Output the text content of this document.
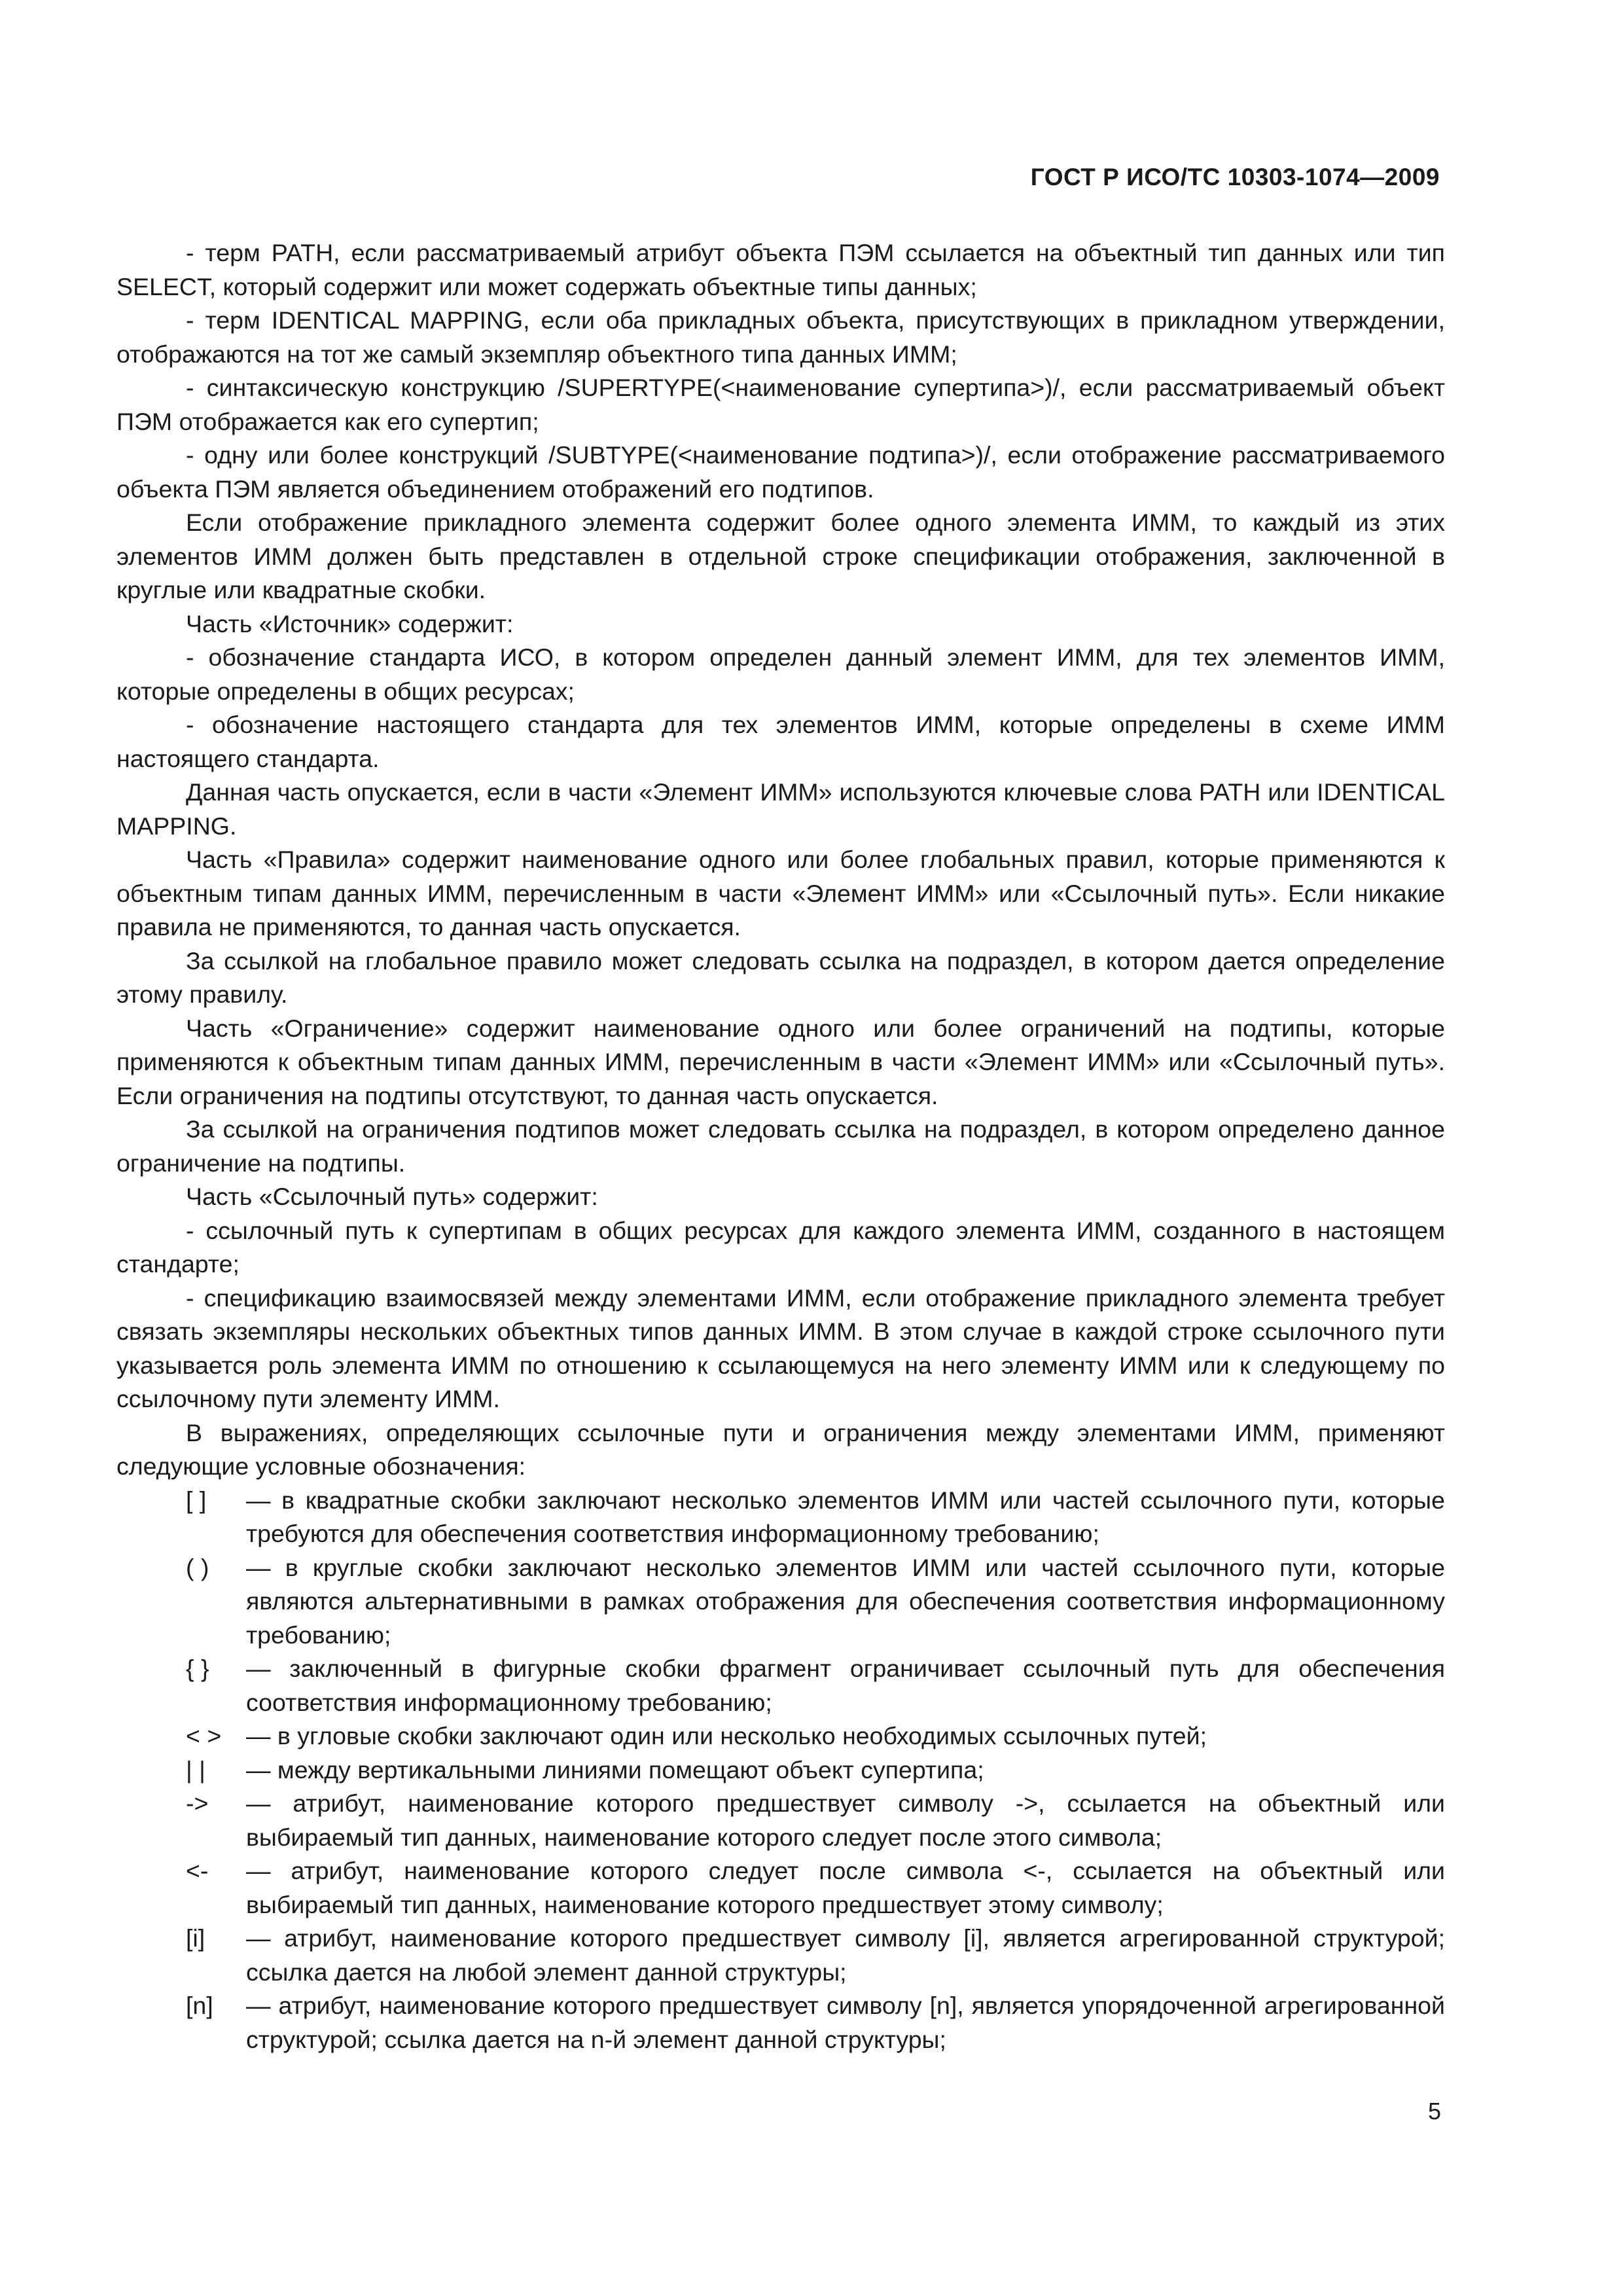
ГОСТ Р ИСО/ТС 10303-1074—2009

- терм PATH, если рассматриваемый атрибут объекта ПЭМ ссылается на объектный тип данных или тип SELECT, который содержит или может содержать объектные типы данных;

- терм IDENTICAL MAPPING, если оба прикладных объекта, присутствующих в прикладном утверждении, отображаются на тот же самый экземпляр объектного типа данных ИММ;

- синтаксическую конструкцию /SUPERTYPE(<наименование супертипа>)/, если рассматриваемый объект ПЭМ отображается как его супертип;

- одну или более конструкций /SUBTYPE(<наименование подтипа>)/, если отображение рассматриваемого объекта ПЭМ является объединением отображений его подтипов.

Если отображение прикладного элемента содержит более одного элемента ИММ, то каждый из этих элементов ИММ должен быть представлен в отдельной строке спецификации отображения, заключенной в круглые или квадратные скобки.

Часть «Источник» содержит:

- обозначение стандарта ИСО, в котором определен данный элемент ИММ, для тех элементов ИММ, которые определены в общих ресурсах;

- обозначение настоящего стандарта для тех элементов ИММ, которые определены в схеме ИММ настоящего стандарта.

Данная часть опускается, если в части «Элемент ИММ» используются ключевые слова PATH или IDENTICAL MAPPING.

Часть «Правила» содержит наименование одного или более глобальных правил, которые применяются к объектным типам данных ИММ, перечисленным в части «Элемент ИММ» или «Ссылочный путь». Если никакие правила не применяются, то данная часть опускается.

За ссылкой на глобальное правило может следовать ссылка на подраздел, в котором дается определение этому правилу.

Часть «Ограничение» содержит наименование одного или более ограничений на подтипы, которые применяются к объектным типам данных ИММ, перечисленным в части «Элемент ИММ» или «Ссылочный путь». Если ограничения на подтипы отсутствуют, то данная часть опускается.

За ссылкой на ограничения подтипов может следовать ссылка на подраздел, в котором определено данное ограничение на подтипы.

Часть «Ссылочный путь» содержит:

- ссылочный путь к супертипам в общих ресурсах для каждого элемента ИММ, созданного в настоящем стандарте;

- спецификацию взаимосвязей между элементами ИММ, если отображение прикладного элемента требует связать экземпляры нескольких объектных типов данных ИММ. В этом случае в каждой строке ссылочного пути указывается роль элемента ИММ по отношению к ссылающемуся на него элементу ИММ или к следующему по ссылочному пути элементу ИММ.

В выражениях, определяющих ссылочные пути и ограничения между элементами ИММ, применяют следующие условные обозначения:

[ ]	— в квадратные скобки заключают несколько элементов ИММ или частей ссылочного пути, которые требуются для обеспечения соответствия информационному требованию;
( )	— в круглые скобки заключают несколько элементов ИММ или частей ссылочного пути, которые являются альтернативными в рамках отображения для обеспечения соответствия информационному требованию;
{ }	— заключенный в фигурные скобки фрагмент ограничивает ссылочный путь для обеспечения соответствия информационному требованию;
< >	— в угловые скобки заключают один или несколько необходимых ссылочных путей;
| |	— между вертикальными линиями помещают объект супертипа;
->	— атрибут, наименование которого предшествует символу ->, ссылается на объектный или выбираемый тип данных, наименование которого следует после этого символа;
<-	— атрибут, наименование которого следует после символа <-, ссылается на объектный или выбираемый тип данных, наименование которого предшествует этому символу;
[i]	— атрибут, наименование которого предшествует символу [i], является агрегированной структурой; ссылка дается на любой элемент данной структуры;
[n]	— атрибут, наименование которого предшествует символу [n], является упорядоченной агрегированной структурой; ссылка дается на n-й элемент данной структуры;
5
